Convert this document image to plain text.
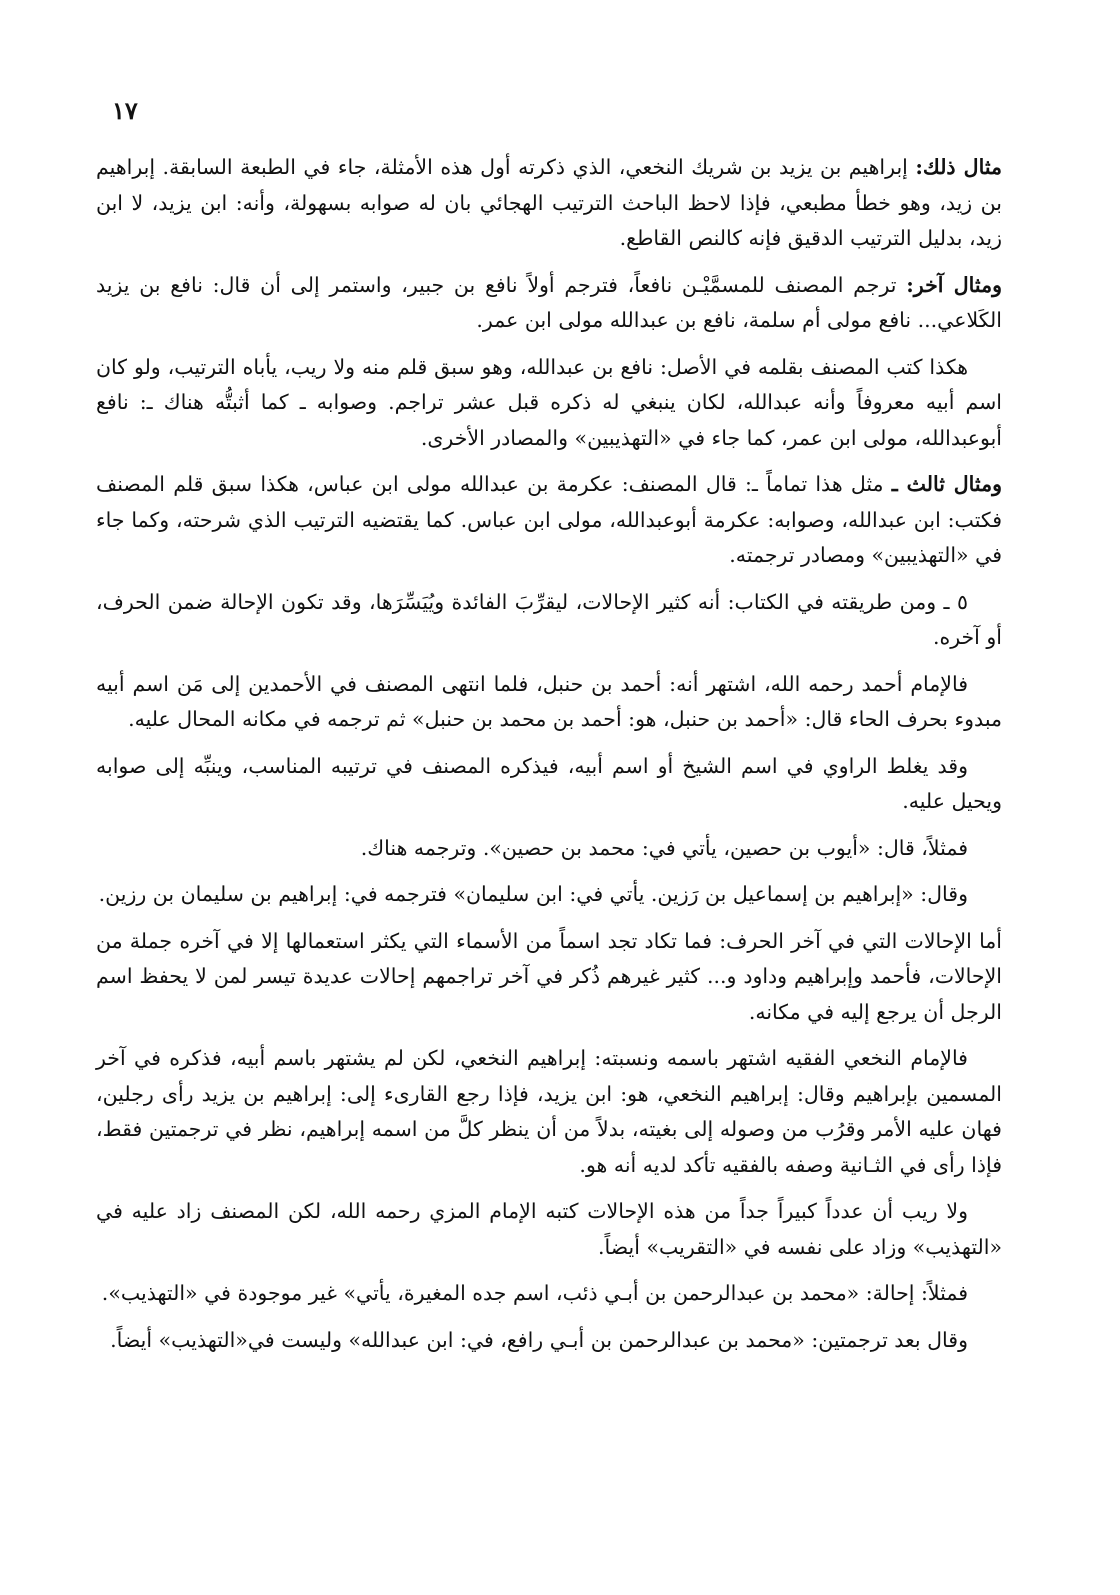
١٧

مثال ذلك: إبراهيم بن يزيد بن شريك النخعي، الذي ذكرته أول هذه الأمثلة، جاء في الطبعة السابقة. إبراهيم بن زيد، وهو خطأ مطبعي، فإذا لاحظ الباحث الترتيب الهجائي بان له صوابه بسهولة، وأنه: ابن يزيد، لا ابن زيد، بدليل الترتيب الدقيق فإنه كالنص القاطع.

ومثال آخر: ترجم المصنف للمسمَّيْـن نافعاً، فترجم أولاً نافع بن جبير، واستمر إلى أن قال: نافع بن يزيد الكَلاعي... نافع مولى أم سلمة، نافع بن عبدالله مولى ابن عمر.

هكذا كتب المصنف بقلمه في الأصل: نافع بن عبدالله، وهو سبق قلم منه ولا ريب، يأباه الترتيب، ولو كان اسم أبيه معروفاً وأنه عبدالله، لكان ينبغي له ذكره قبل عشر تراجم. وصوابه ـ كما أثبتُّه هناك ـ: نافع أبوعبدالله، مولى ابن عمر، كما جاء في «التهذيبين» والمصادر الأخرى.

ومثال ثالث ـ مثل هذا تماماً ـ: قال المصنف: عكرمة بن عبدالله مولى ابن عباس، هكذا سبق قلم المصنف فكتب: ابن عبدالله، وصوابه: عكرمة أبوعبدالله، مولى ابن عباس. كما يقتضيه الترتيب الذي شرحته، وكما جاء في «التهذيبين» ومصادر ترجمته.

٥ ـ ومن طريقته في الكتاب: أنه كثير الإحالات، ليقرِّبَ الفائدة ويُيَسِّرَها، وقد تكون الإحالة ضمن الحرف، أو آخره.

فالإمام أحمد رحمه الله، اشتهر أنه: أحمد بن حنبل، فلما انتهى المصنف في الأحمدين إلى مَن اسم أبيه مبدوء بحرف الحاء قال: «أحمد بن حنبل، هو: أحمد بن محمد بن حنبل» ثم ترجمه في مكانه المحال عليه.

وقد يغلط الراوي في اسم الشيخ أو اسم أبيه، فيذكره المصنف في ترتيبه المناسب، وينبِّه إلى صوابه ويحيل عليه.

فمثلاً، قال: «أيوب بن حصين، يأتي في: محمد بن حصين». وترجمه هناك.

وقال: «إبراهيم بن إسماعيل بن رَزين. يأتي في: ابن سليمان» فترجمه في: إبراهيم بن سليمان بن رزين.

أما الإحالات التي في آخر الحرف: فما تكاد تجد اسماً من الأسماء التي يكثر استعمالها إلا في آخره جملة من الإحالات، فأحمد وإبراهيم وداود و... كثير غيرهم ذُكر في آخر تراجمهم إحالات عديدة تيسر لمن لا يحفظ اسم الرجل أن يرجع إليه في مكانه.

فالإمام النخعي الفقيه اشتهر باسمه ونسبته: إبراهيم النخعي، لكن لم يشتهر باسم أبيه، فذكره في آخر المسمين بإبراهيم وقال: إبراهيم النخعي، هو: ابن يزيد، فإذا رجع القارىء إلى: إبراهيم بن يزيد رأى رجلين، فهان عليه الأمر وقرُب من وصوله إلى بغيته، بدلاً من أن ينظر كلَّ من اسمه إبراهيم، نظر في ترجمتين فقط، فإذا رأى في الثـانية وصفه بالفقيه تأكد لديه أنه هو.

ولا ريب أن عدداً كبيراً جداً من هذه الإحالات كتبه الإمام المزي رحمه الله، لكن المصنف زاد عليه في «التهذيب» وزاد على نفسه في «التقريب» أيضاً.

فمثلاً: إحالة: «محمد بن عبدالرحمن بن أبـي ذئب، اسم جده المغيرة، يأتي» غير موجودة في «التهذيب».

وقال بعد ترجمتين: «محمد بن عبدالرحمن بن أبـي رافع، في: ابن عبدالله» وليست في«التهذيب» أيضاً.
